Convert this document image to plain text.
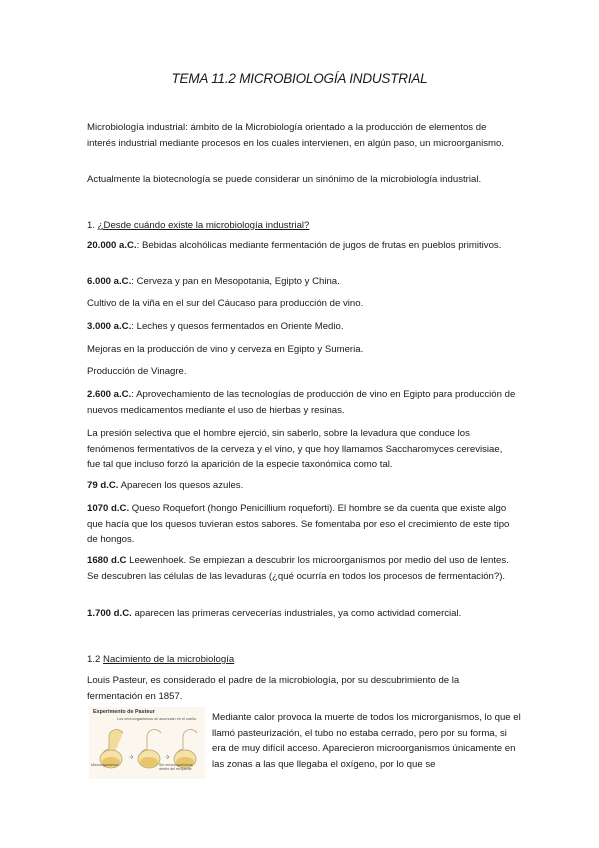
TEMA 11.2 MICROBIOLOGÍA INDUSTRIAL
Microbiología industrial: ámbito de la Microbiología orientado a la producción de elementos de interés industrial mediante procesos en los cuales intervienen, en algún paso, un microorganismo.
Actualmente la biotecnología se puede considerar un sinónimo de la microbiología industrial.
1. ¿Desde cuándo existe la microbiología industrial?
20.000 a.C.: Bebidas alcohólicas mediante fermentación de jugos de frutas en pueblos primitivos.
6.000 a.C.: Cerveza y pan en Mesopotania, Egipto y China.
Cultivo de la viña en el sur del Cáucaso para producción de vino.
3.000 a.C.: Leches y quesos fermentados en Oriente Medio.
Mejoras en la producción de vino y cerveza en Egipto y Sumeria.
Producción de Vinagre.
2.600 a.C.: Aprovechamiento de las tecnologías de producción de vino en Egipto para producción de nuevos medicamentos mediante el uso de hierbas y resinas.
La presión selectiva que el hombre ejerció, sin saberlo, sobre la levadura que conduce los fenómenos fermentativos de la cerveza y el vino, y que hoy llamamos Saccharomyces cerevisiae, fue tal que incluso forzó la aparición de la especie taxonómica como tal.
79 d.C. Aparecen los quesos azules.
1070 d.C. Queso Roquefort (hongo Penicillium roqueforti). El hombre se da cuenta que existe algo que hacía que los quesos tuvieran estos sabores. Se fomentaba por eso el crecimiento de este tipo de hongos.
1680 d.C Leewenhoek. Se empiezan a descubrir los microorganismos por medio del uso de lentes. Se descubren las células de las levaduras (¿qué ocurría en todos los procesos de fermentación?).
1.700 d.C. aparecen las primeras cervecerías industriales, ya como actividad comercial.
1.2 Nacimiento de la microbiología
Louis Pasteur, es considerado el padre de la microbiología, por su descubrimiento de la fermentación en 1857.
Experimento de Pasteur
Los microorganismos se acumulan en el cuello
Microorganismos	Sin microorganismos dentro del recipiente
Mediante calor provoca la muerte de todos los microrganismos, lo que el llamó pasteurización, el tubo no estaba cerrado, pero por su forma, si era de muy difícil acceso. Aparecieron microorganismos únicamente en las zonas a las que llegaba el oxígeno, por lo que se
